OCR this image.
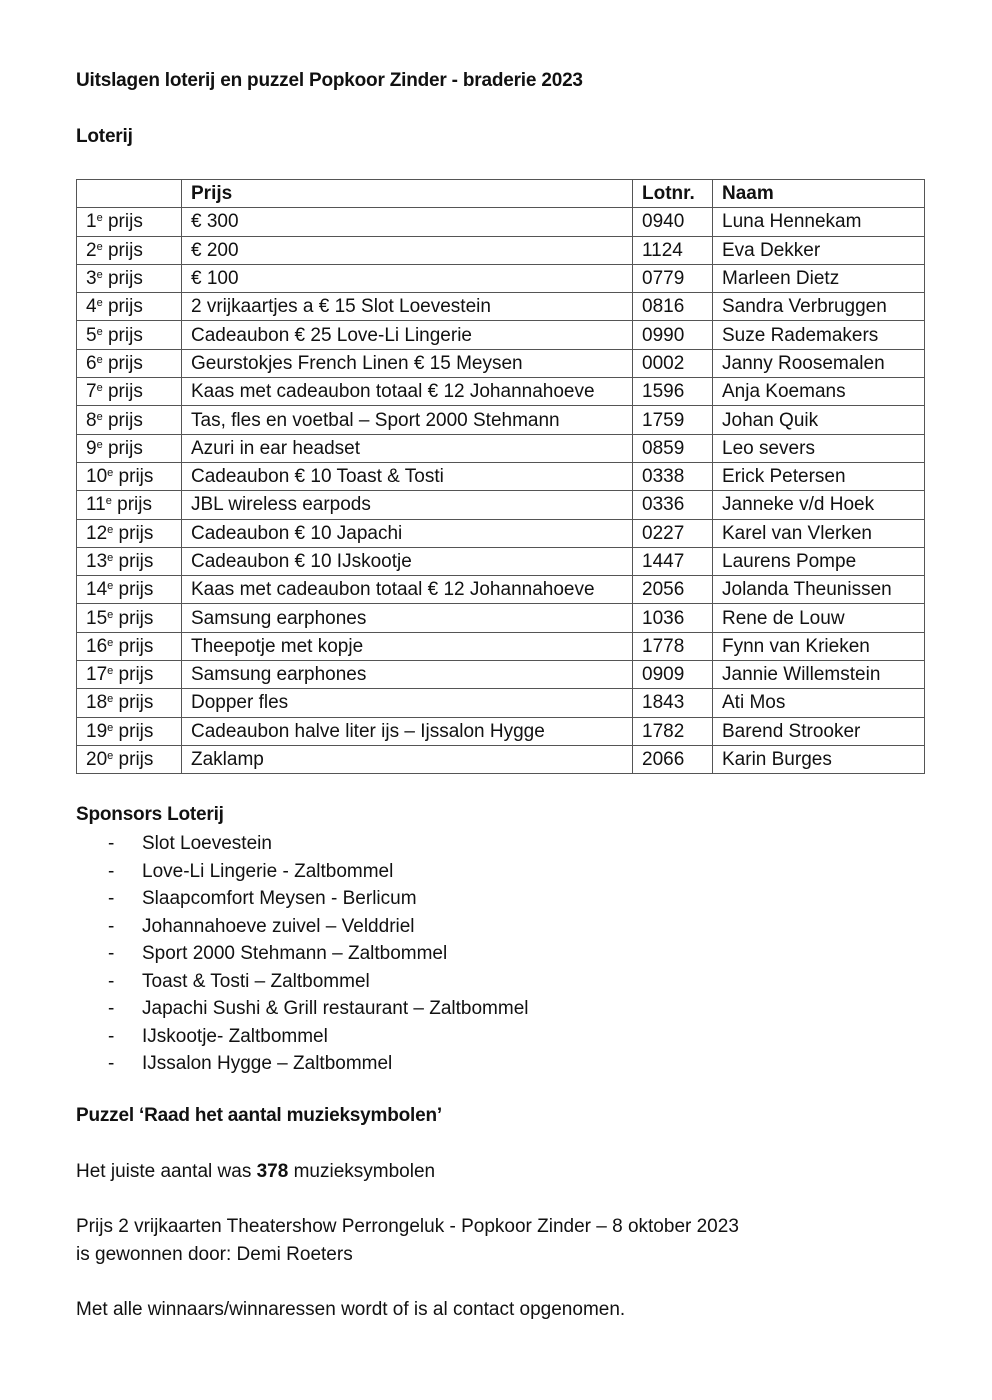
Uitslagen loterij en puzzel Popkoor Zinder - braderie 2023
Loterij
	Prijs	Lotnr.	Naam
1e prijs	€ 300	0940	Luna Hennekam
2e prijs	€ 200	1124	Eva Dekker
3e prijs	€ 100	0779	Marleen Dietz
4e prijs	2 vrijkaartjes a € 15 Slot Loevestein	0816	Sandra Verbruggen
5e prijs	Cadeaubon € 25 Love-Li Lingerie	0990	Suze Rademakers
6e prijs	Geurstokjes French Linen € 15 Meysen	0002	Janny Roosemalen
7e prijs	Kaas met cadeaubon totaal € 12 Johannahoeve	1596	Anja Koemans
8e prijs	Tas, fles en voetbal – Sport 2000 Stehmann	1759	Johan Quik
9e prijs	Azuri in ear headset	0859	Leo severs
10e prijs	Cadeaubon € 10 Toast & Tosti	0338	Erick Petersen
11e prijs	JBL wireless earpods	0336	Janneke v/d Hoek
12e prijs	Cadeaubon € 10 Japachi	0227	Karel van Vlerken
13e prijs	Cadeaubon € 10 IJskootje	1447	Laurens Pompe
14e prijs	Kaas met cadeaubon totaal € 12 Johannahoeve	2056	Jolanda Theunissen
15e prijs	Samsung earphones	1036	Rene de Louw
16e prijs	Theepotje met kopje	1778	Fynn van Krieken
17e prijs	Samsung earphones	0909	Jannie Willemstein
18e prijs	Dopper fles	1843	Ati Mos
19e prijs	Cadeaubon halve liter ijs – Ijssalon Hygge	1782	Barend Strooker
20e prijs	Zaklamp	2066	Karin Burges
Sponsors Loterij
- Slot Loevestein
- Love-Li Lingerie - Zaltbommel
- Slaapcomfort Meysen - Berlicum
- Johannahoeve zuivel – Velddriel
- Sport 2000 Stehmann – Zaltbommel
- Toast & Tosti – Zaltbommel
- Japachi Sushi & Grill restaurant – Zaltbommel
- IJskootje- Zaltbommel
- IJssalon Hygge – Zaltbommel
Puzzel ‘Raad het aantal muzieksymbolen’
Het juiste aantal was 378 muzieksymbolen
Prijs 2 vrijkaarten Theatershow Perrongeluk - Popkoor Zinder – 8 oktober 2023
is gewonnen door: Demi Roeters
Met alle winnaars/winnaressen wordt of is al contact opgenomen.
